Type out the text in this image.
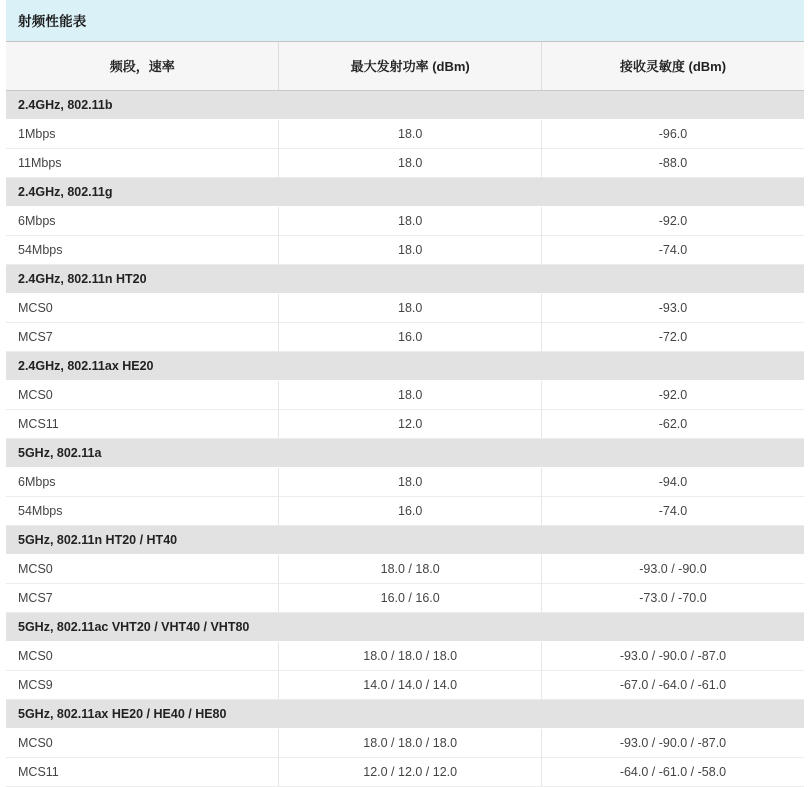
射频性能表		
频段，速率	最大发射功率 (dBm)	接收灵敏度 (dBm)
2.4GHz, 802.11b		
1Mbps	18.0	-96.0
11Mbps	18.0	-88.0
2.4GHz, 802.11g		
6Mbps	18.0	-92.0
54Mbps	18.0	-74.0
2.4GHz, 802.11n HT20		
MCS0	18.0	-93.0
MCS7	16.0	-72.0
2.4GHz, 802.11ax HE20		
MCS0	18.0	-92.0
MCS11	12.0	-62.0
5GHz, 802.11a		
6Mbps	18.0	-94.0
54Mbps	16.0	-74.0
5GHz, 802.11n HT20 / HT40		
MCS0	18.0 / 18.0	-93.0 / -90.0
MCS7	16.0 / 16.0	-73.0 / -70.0
5GHz, 802.11ac VHT20 / VHT40 / VHT80		
MCS0	18.0 / 18.0 / 18.0	-93.0 / -90.0 / -87.0
MCS9	14.0 / 14.0 / 14.0	-67.0 / -64.0 / -61.0
5GHz, 802.11ax HE20 / HE40 / HE80		
MCS0	18.0 / 18.0 / 18.0	-93.0 / -90.0 / -87.0
MCS11	12.0 / 12.0 / 12.0	-64.0 / -61.0 / -58.0
